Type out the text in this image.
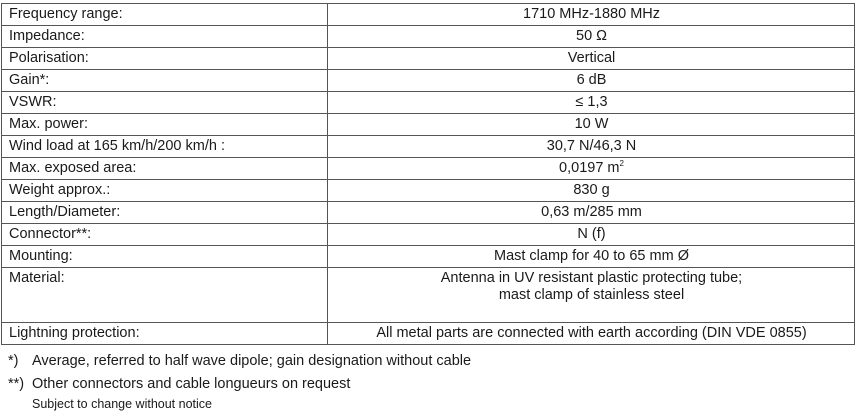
Frequency range:	1710 MHz-1880 MHz
Impedance:	50 Ω
Polarisation:	Vertical
Gain*:	6 dB
VSWR:	≤ 1,3
Max. power:	10 W
Wind load at 165 km/h/200 km/h :	30,7 N/46,3 N
Max. exposed area:	0,0197 $m^2$
Weight approx.:	830 g
Length/Diameter:	0,63 m/285 mm
Connector**:	N (f)
Mounting:	Mast clamp for 40 to 65 mm Ø
Material:	Antenna in UV resistant plastic protecting tube;
mast clamp of stainless steel

Lightning protection:	All metal parts are connected with earth according (DIN VDE 0855)
*) Average, referred to half wave dipole; gain designation without cable
**) Other connectors and cable longueurs on request
Subject to change without notice
